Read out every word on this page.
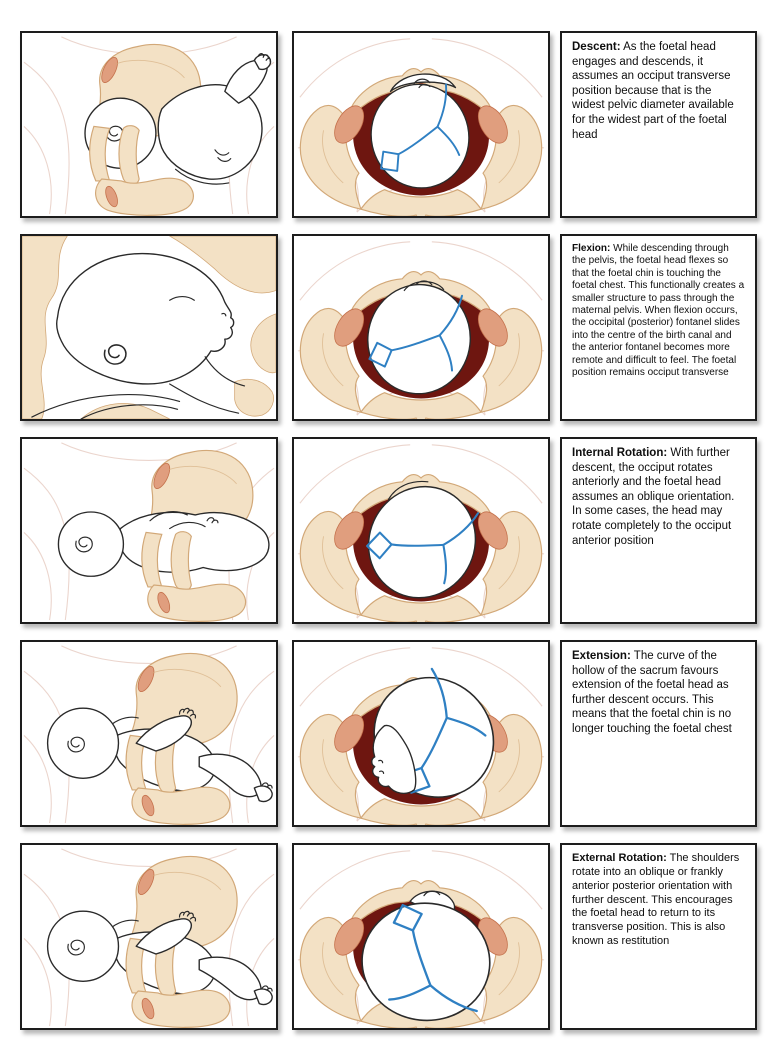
Descent: As the foetal head engages and descends, it assumes an occiput transverse position because that is the widest pelvic diameter available for the widest part of the foetal head

Flexion: While descending through the pelvis, the foetal head flexes so that the foetal chin is touching the foetal chest. This functionally creates a smaller structure to pass through the maternal pelvis. When flexion occurs, the occipital (posterior) fontanel slides into the centre of the birth canal and the anterior fontanel becomes more remote and difficult to feel. The foetal position remains occiput transverse

Internal Rotation: With further descent, the occiput rotates anteriorly and the foetal head assumes an oblique orientation. In some cases, the head may rotate completely to the occiput anterior position

Extension: The curve of the hollow of the sacrum favours extension of the foetal head as further descent occurs. This means that the foetal chin is no longer touching the foetal chest

External Rotation: The shoulders rotate into an oblique or frankly anterior posterior orientation with further descent. This encourages the foetal head to return to its transverse position. This is also known as restitution
